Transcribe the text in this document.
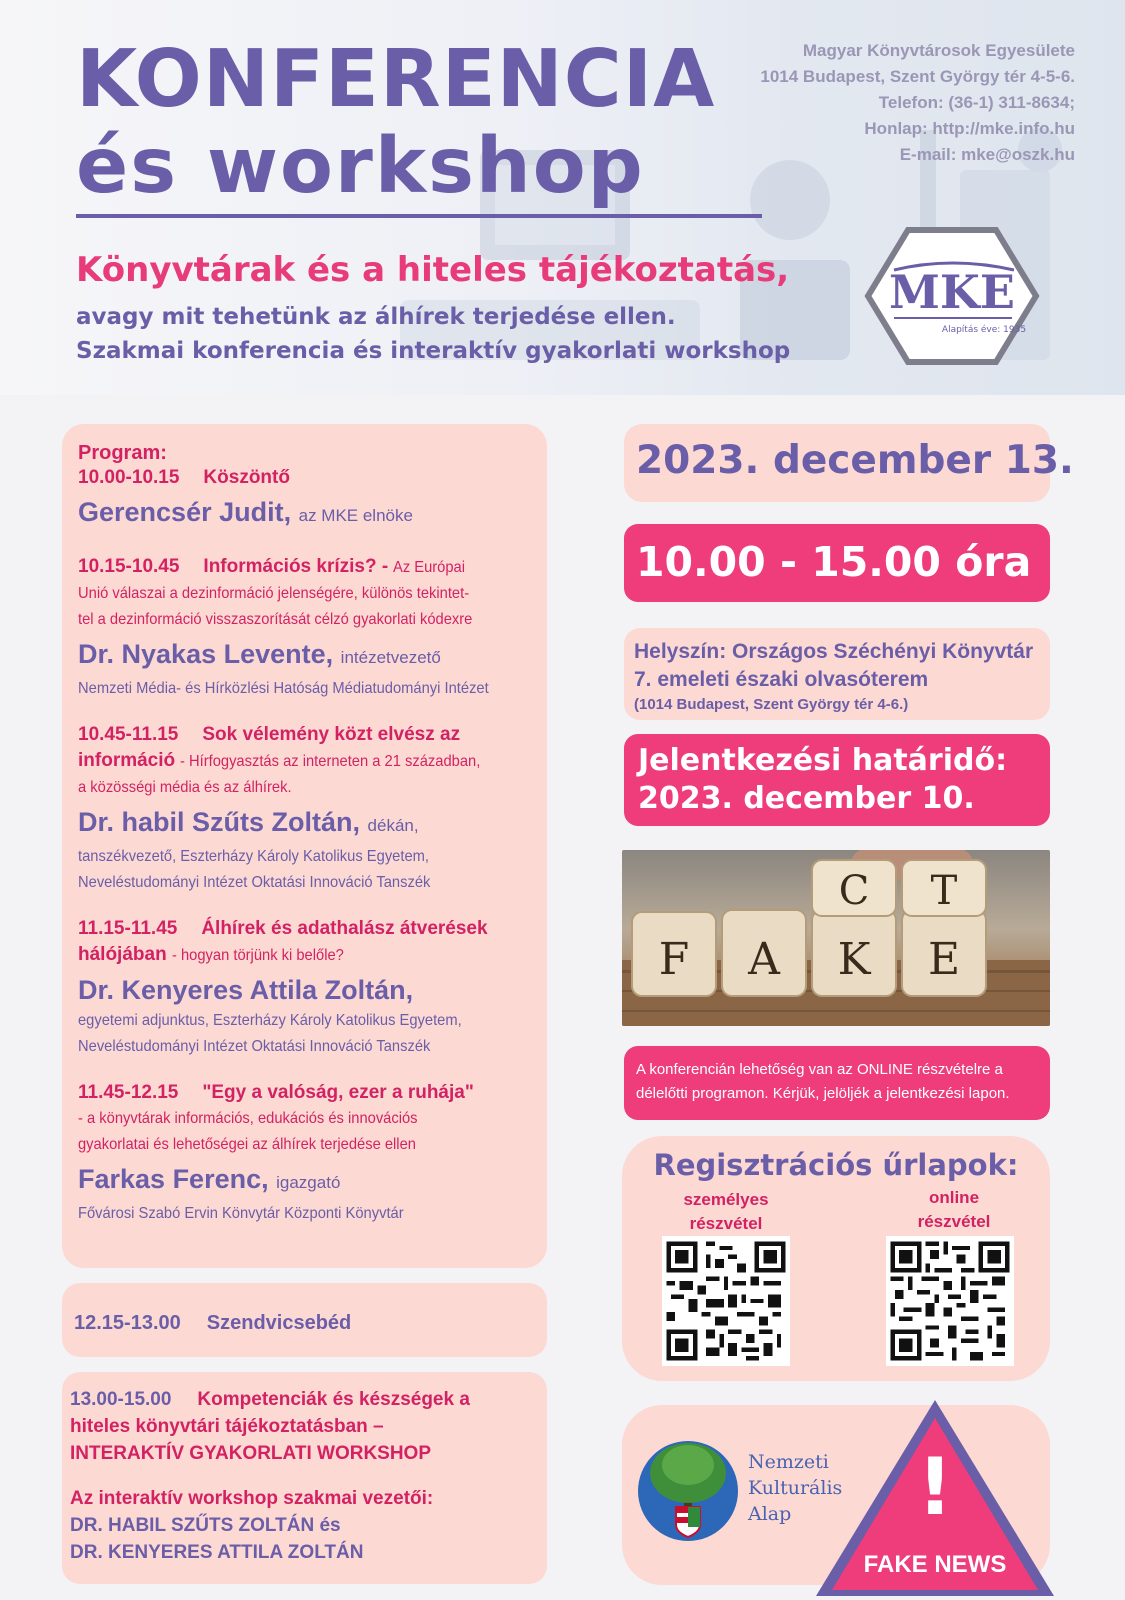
KONFERENCIA
és workshop
Magyar Könyvtárosok Egyesülete
1014 Budapest, Szent György tér 4-5-6.
Telefon: (36-1) 311-8634;
Honlap: http://mke.info.hu
E-mail: mke@oszk.hu
MKE
Alapítás éve: 1935
Könyvtárak és a hiteles tájékoztatás,
avagy mit tehetünk az álhírek terjedése ellen.
Szakmai konferencia és interaktív gyakorlati workshop
Program:
10.00-10.15 Köszöntő
Gerencsér Judit, az MKE elnöke
10.15-10.45 Információs krízis? - Az Európai
Unió válaszai a dezinformáció jelenségére, különös tekintet-
tel a dezinformáció visszaszorítását célzó gyakorlati kódexre
Dr. Nyakas Levente, intézetvezető
Nemzeti Média- és Hírközlési Hatóság Médiatudományi Intézet
10.45-11.15 Sok vélemény közt elvész az
információ - Hírfogyasztás az interneten a 21 században,
a közösségi média és az álhírek.
Dr. habil Szűts Zoltán, dékán,
tanszékvezető, Eszterházy Károly Katolikus Egyetem,
Neveléstudományi Intézet Oktatási Innováció Tanszék
11.15-11.45 Álhírek és adathalász átverések
hálójában - hogyan törjünk ki belőle?
Dr. Kenyeres Attila Zoltán,
egyetemi adjunktus, Eszterházy Károly Katolikus Egyetem,
Neveléstudományi Intézet Oktatási Innováció Tanszék
11.45-12.15 "Egy a valóság, ezer a ruhája"
- a könyvtárak információs, edukációs és innovációs
gyakorlatai és lehetőségei az álhírek terjedése ellen
Farkas Ferenc, igazgató
Fővárosi Szabó Ervin Könvytár Központi Könyvtár
12.15-13.00 Szendvicsebéd
13.00-15.00 Kompetenciák és készségek a
hiteles könyvtári tájékoztatásban –
INTERAKTÍV GYAKORLATI WORKSHOP
Az interaktív workshop szakmai vezetői:
DR. HABIL SZŰTS ZOLTÁN és
DR. KENYERES ATTILA ZOLTÁN
2023. december 13.
10.00 - 15.00 óra
Helyszín: Országos Széchényi Könyvtár
7. emeleti északi olvasóterem
(1014 Budapest, Szent György tér 4-6.)
Jelentkezési határidő:
2023. december 10.
F A K E
C T
A konferencián lehetőség van az ONLINE részvételre a
délelőtti programon. Kérjük, jelöljék a jelentkezési lapon.
Regisztrációs űrlapok:
személyes
részvétel
online
részvétel
Nemzeti
Kulturális
Alap	!
FAKE NEWS
